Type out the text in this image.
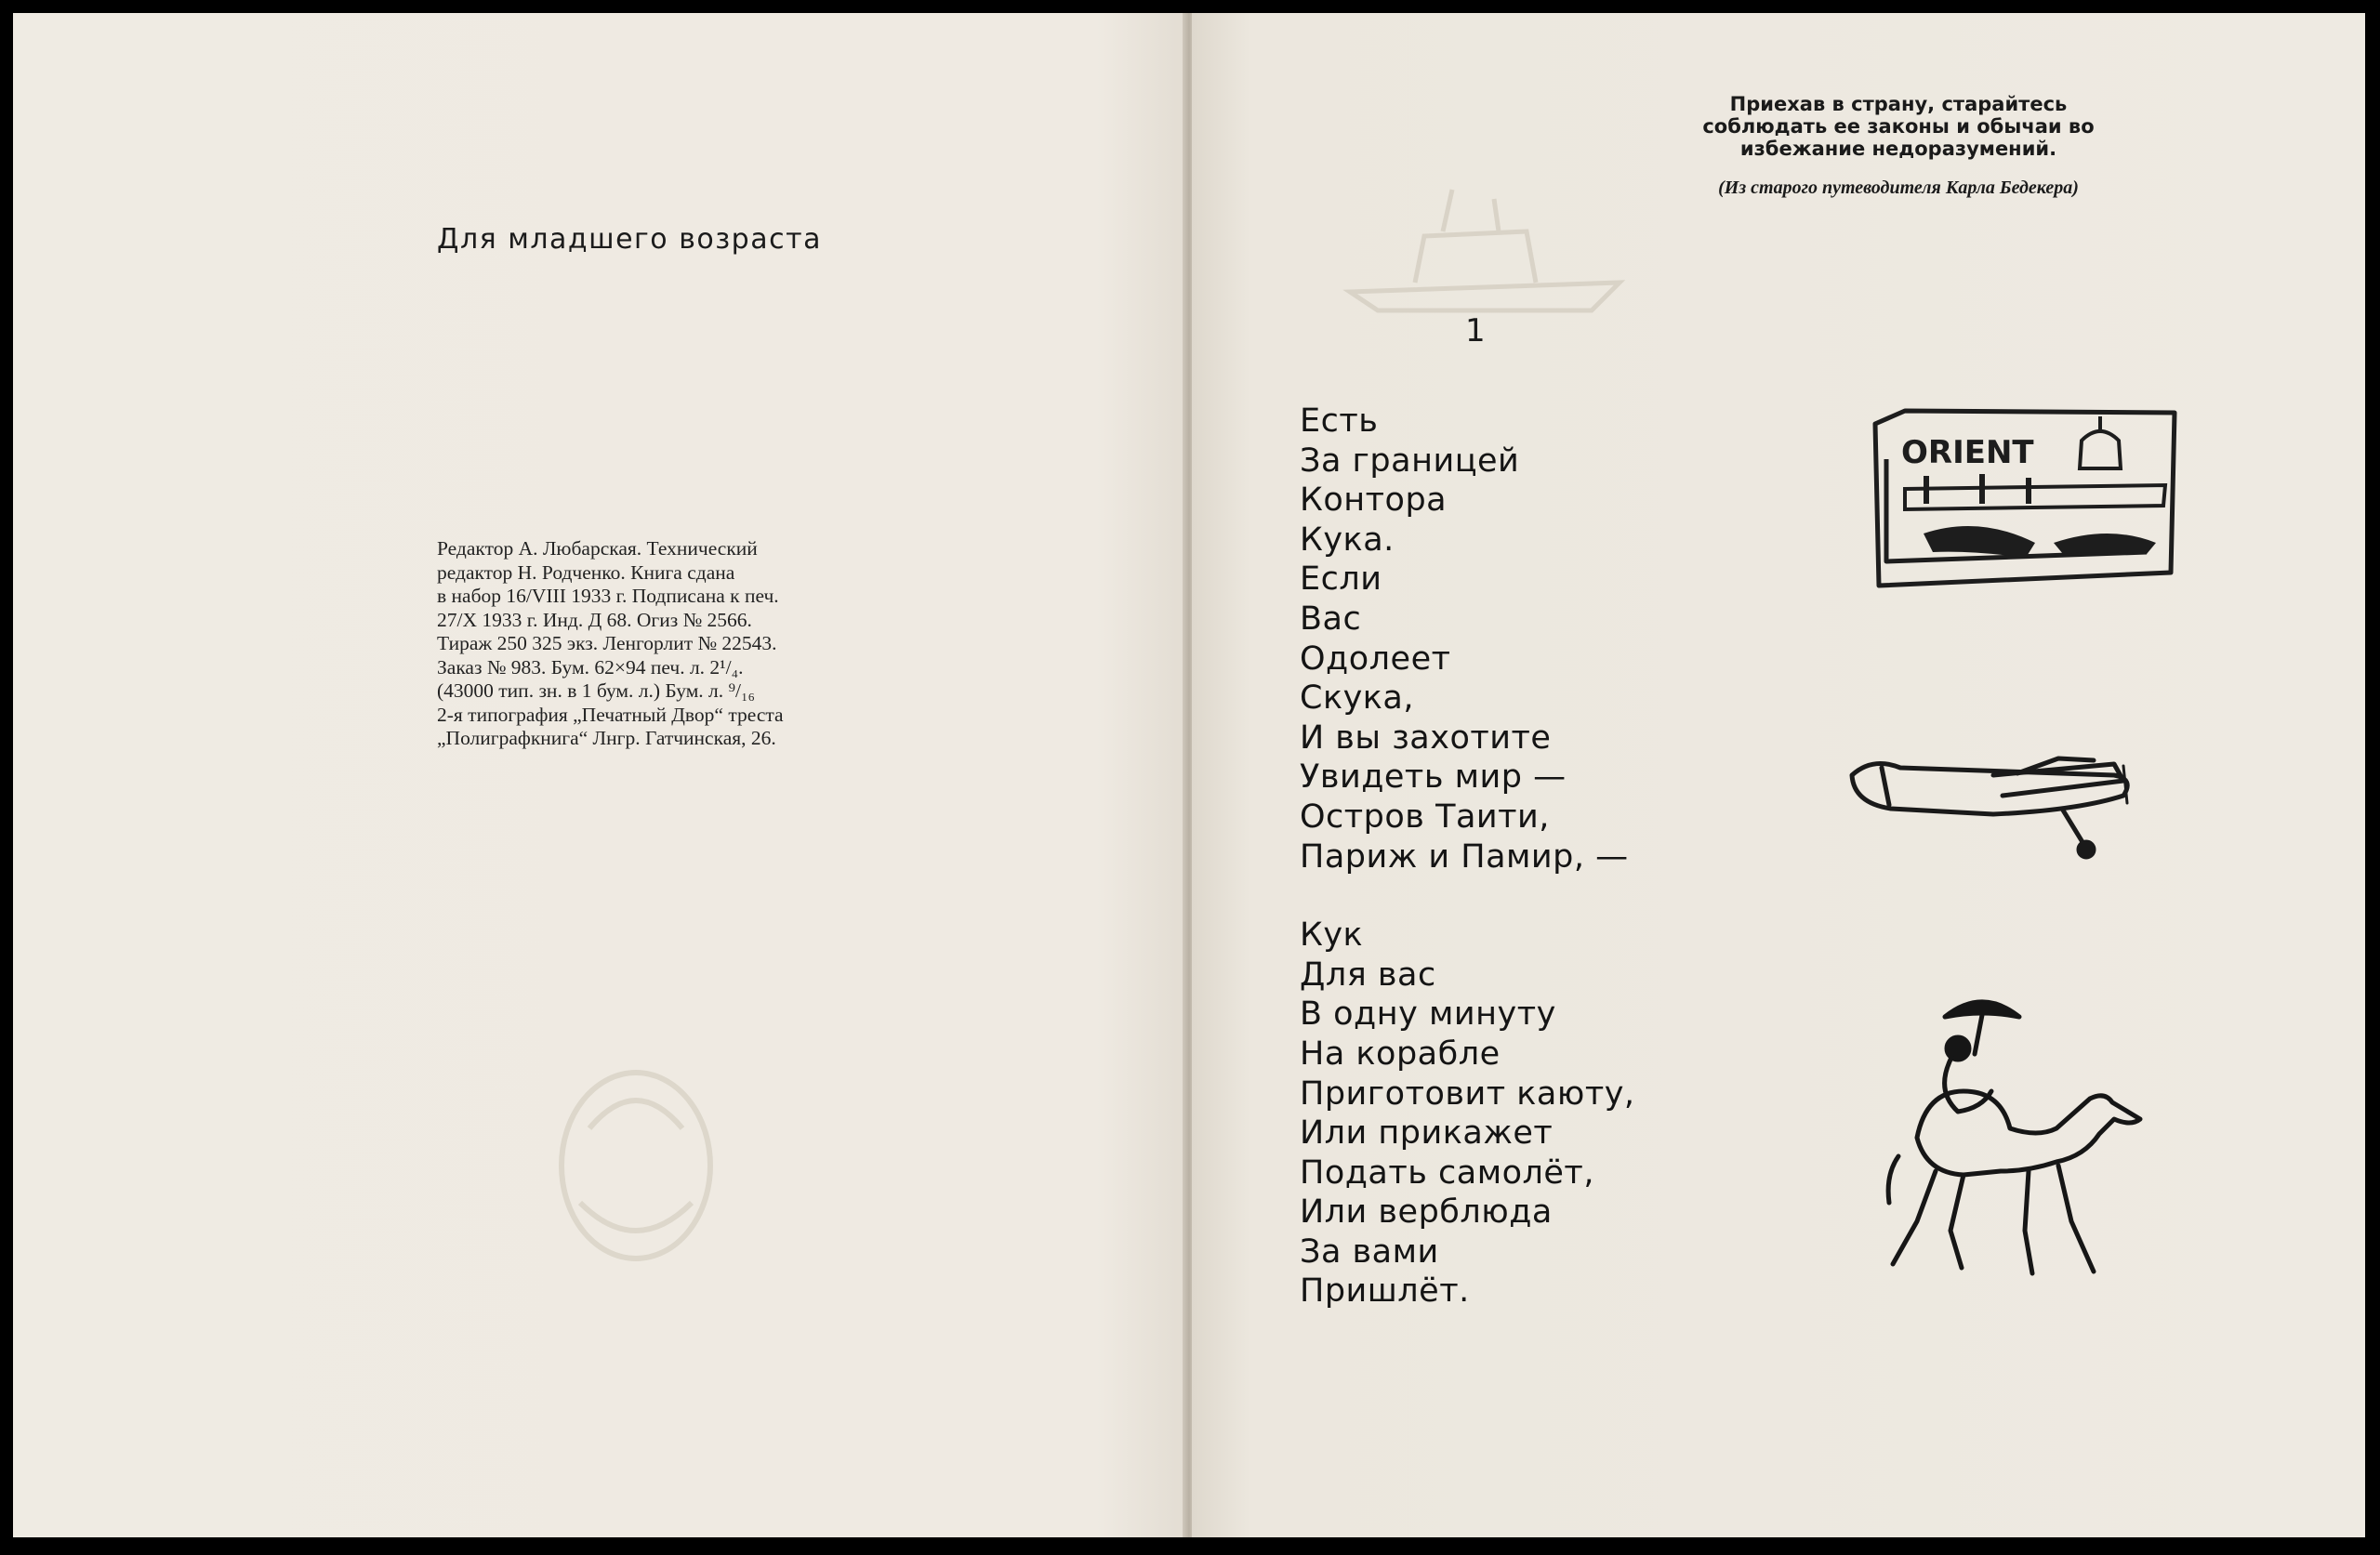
Для младшего возраста
Редактор А. Любарская. Технический
редактор Н. Родченко. Книга сдана
в набор 16/VIII 1933 г. Подписана к печ.
27/X 1933 г. Инд. Д 68. Огиз № 2566.
Тираж 250 325 экз. Ленгорлит № 22543.
Заказ № 983. Бум. 62×94 печ. л. 2¹/₄.
(43000 тип. зн. в 1 бум. л.) Бум. л. ⁹/₁₆
2-я типография „Печатный Двор“ треста
„Полиграфкнига“ Лнгр. Гатчинская, 26.
Приехав в страну, старайтесь соблюдать ее законы и обычаи во избежание недоразумений.
(Из старого путеводителя Карла Бедекера)
1
Есть
За границей
Контора
Кука.
Если
Вас
Одолеет
Скука,
И вы захотите
Увидеть мир —
Остров Таити,
Париж и Памир, —
Кук
Для вас
В одну минуту
На корабле
Приготовит каюту,
Или прикажет
Подать самолёт,
Или верблюда
За вами
Пришлёт.
ORIENT
